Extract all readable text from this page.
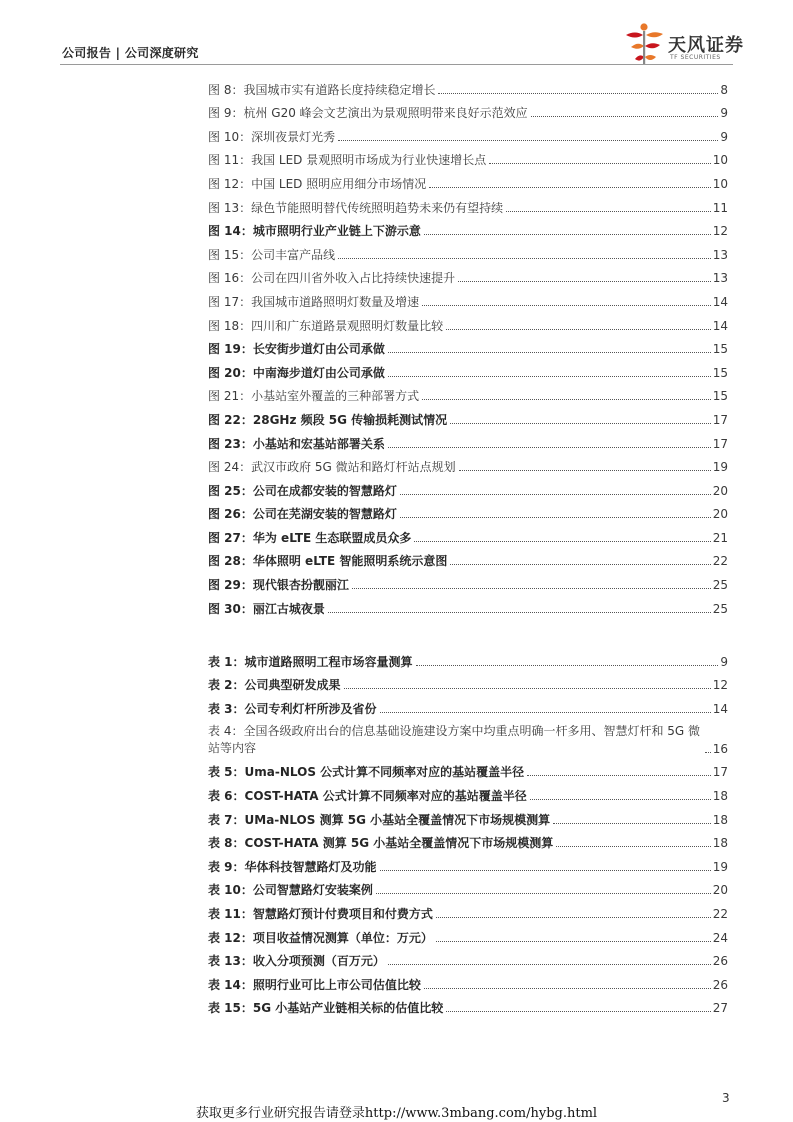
公司报告 | 公司深度研究	天风证券
TF SECURITIES
图 8：我国城市实有道路长度持续稳定增长	8
图 9：杭州 G20 峰会文艺演出为景观照明带来良好示范效应	9
图 10：深圳夜景灯光秀	9
图 11：我国 LED 景观照明市场成为行业快速增长点	10
图 12：中国 LED 照明应用细分市场情况	10
图 13：绿色节能照明替代传统照明趋势未来仍有望持续	11
图 14：城市照明行业产业链上下游示意	12
图 15：公司丰富产品线	13
图 16：公司在四川省外收入占比持续快速提升	13
图 17：我国城市道路照明灯数量及增速	14
图 18：四川和广东道路景观照明灯数量比较	14
图 19：长安街步道灯由公司承做	15
图 20：中南海步道灯由公司承做	15
图 21：小基站室外覆盖的三种部署方式	15
图 22：28GHz 频段 5G 传输损耗测试情况	17
图 23：小基站和宏基站部署关系	17
图 24：武汉市政府 5G 微站和路灯杆站点规划	19
图 25：公司在成都安装的智慧路灯	20
图 26：公司在芜湖安装的智慧路灯	20
图 27：华为 eLTE 生态联盟成员众多	21
图 28：华体照明 eLTE 智能照明系统示意图	22
图 29：现代银杏扮靓丽江	25
图 30：丽江古城夜景	25
表 1：城市道路照明工程市场容量测算	9
表 2：公司典型研发成果	12
表 3：公司专利灯杆所涉及省份	14
表 4：全国各级政府出台的信息基础设施建设方案中均重点明确一杆多用、智慧灯杆和 5G 微站等内容	16
表 5：Uma-NLOS 公式计算不同频率对应的基站覆盖半径	17
表 6：COST-HATA 公式计算不同频率对应的基站覆盖半径	18
表 7：UMa-NLOS 测算 5G 小基站全覆盖情况下市场规模测算	18
表 8：COST-HATA 测算 5G 小基站全覆盖情况下市场规模测算	18
表 9：华体科技智慧路灯及功能	19
表 10：公司智慧路灯安装案例	20
表 11：智慧路灯预计付费项目和付费方式	22
表 12：项目收益情况测算（单位：万元）	24
表 13：收入分项预测（百万元）	26
表 14：照明行业可比上市公司估值比较	26
表 15：5G 小基站产业链相关标的估值比较	27
3
获取更多行业研究报告请登录http://www.3mbang.com/hybg.html
